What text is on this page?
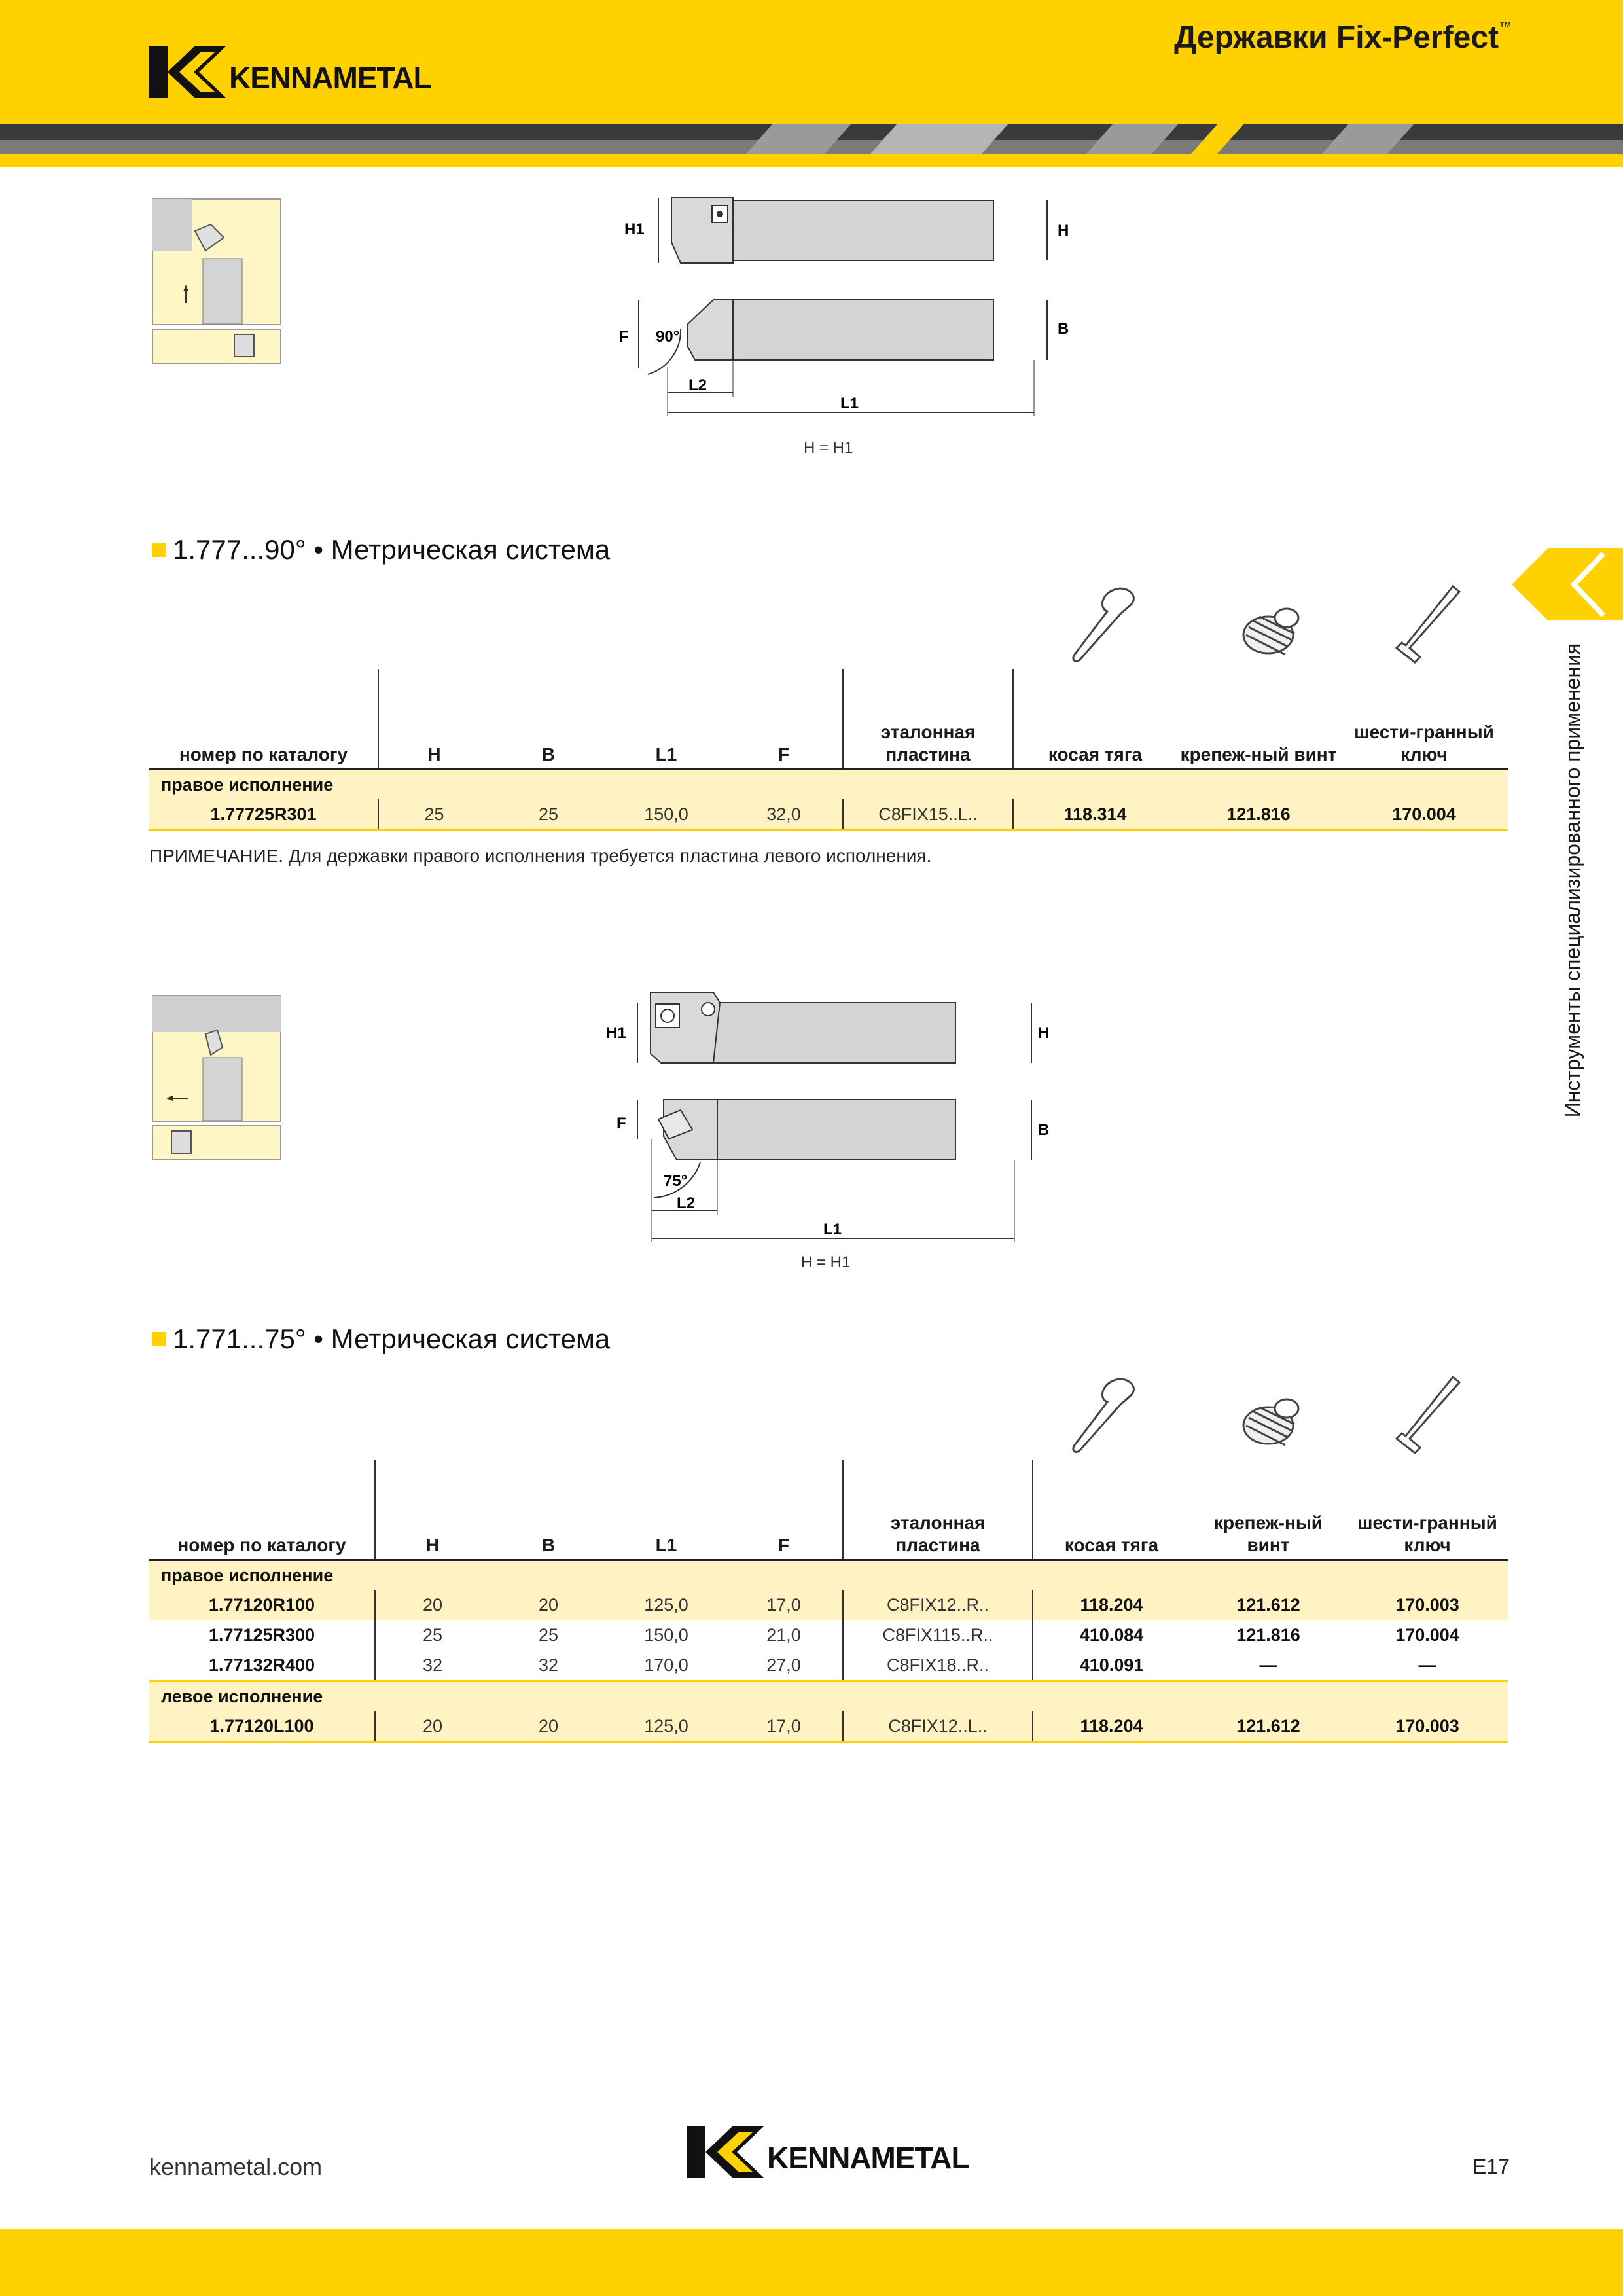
KENNAMETAL
Державки Fix-Perfect™
Инструменты специализированного применения
H1	H
F	B
90°
L2
L1
H = H1
1.777...90° • Метрическая система
номер по каталогу	H	B	L1	F	эталонная пластина	косая тяга	крепеж-ный винт	шести-гранный ключ
правое исполнение								
1.77725R301	25	25	150,0	32,0	C8FIX15..L..	118.314	121.816	170.004
ПРИМЕЧАНИЕ. Для державки правого исполнения требуется пластина левого исполнения.
H1	H
F	B
75°
L2
L1
H = H1
1.771...75° • Метрическая система
номер по каталогу	H	B	L1	F	эталонная пластина	косая тяга	крепеж-ный винт	шести-гранный ключ
правое исполнение								
1.77120R100	20	20	125,0	17,0	C8FIX12..R..	118.204	121.612	170.003
1.77125R300	25	25	150,0	21,0	C8FIX115..R..	410.084	121.816	170.004
1.77132R400	32	32	170,0	27,0	C8FIX18..R..	410.091	—	—
левое исполнение								
1.77120L100	20	20	125,0	17,0	C8FIX12..L..	118.204	121.612	170.003
kennametal.com	KENNAMETAL	E17
